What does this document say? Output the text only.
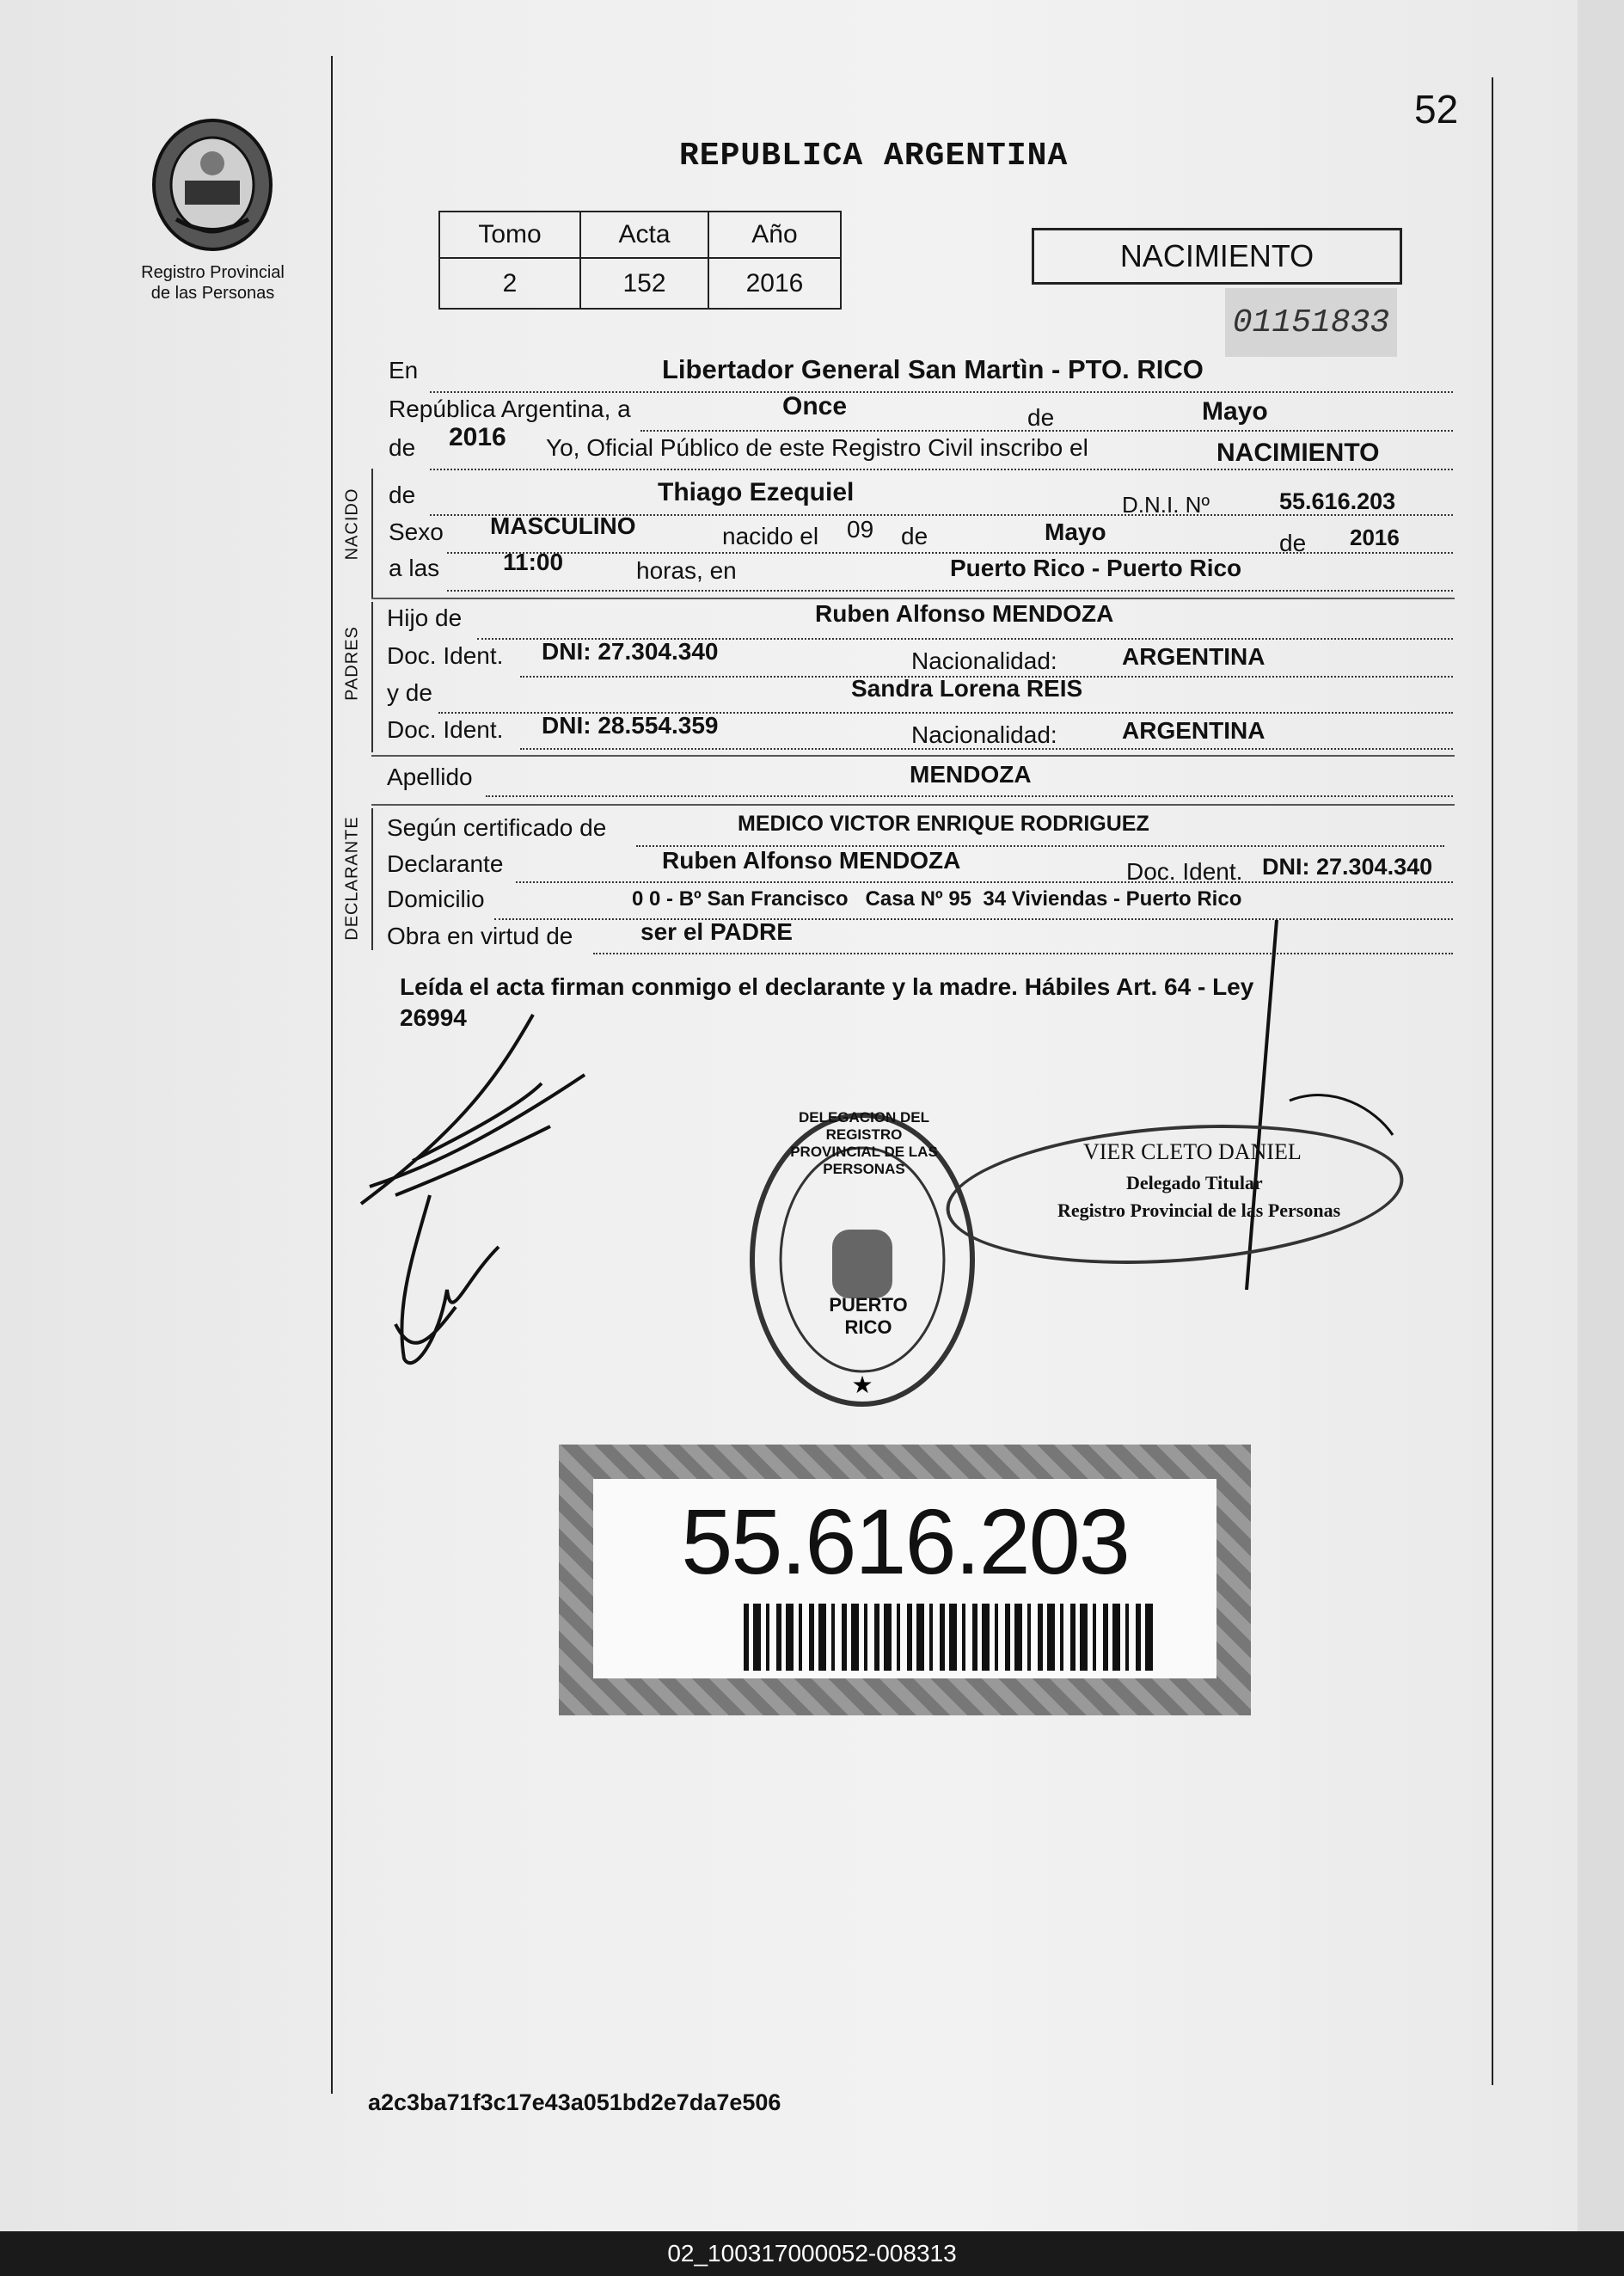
52
Registro Provincial
de las Personas
REPUBLICA ARGENTINA
Tomo	Acta	Año
2	152	2016
NACIMIENTO
01151833
En	Libertador General San Martìn - PTO. RICO
República Argentina, a	Once	de	Mayo
de 2016 Yo, Oficial Público de este Registro Civil inscribo el	NACIMIENTO
NACIDO de	Thiago Ezequiel	D.N.I. Nº	55.616.203
Sexo MASCULINO	nacido el 09 de	Mayo	de 2016
a las	11:00	horas, en	Puerto Rico - Puerto Rico
PADRES
Hijo de	Ruben Alfonso MENDOZA
Doc. Ident. DNI: 27.304.340	Nacionalidad:	ARGENTINA
y de	Sandra Lorena REIS
Doc. Ident. DNI: 28.554.359	Nacionalidad:	ARGENTINA
Apellido	MENDOZA
DECLARANTE Según certificado de	MEDICO VICTOR ENRIQUE RODRIGUEZ
Declarante	Ruben Alfonso MENDOZA	Doc. Ident. DNI: 27.304.340
Domicilio	0 0 - Bº San Francisco   Casa Nº 95  34 Viviendas - Puerto Rico
Obra en virtud de	ser el PADRE
Leída el acta firman conmigo el declarante y la madre. Hábiles Art. 64 - Ley
26994
★
DELEGACION DEL REGISTRO PROVINCIAL DE LAS PERSONAS
PUERTO RICO
VIER CLETO DANIEL
Delegado Titular
Registro Provincial de las Personas
55.616.203
a2c3ba71f3c17e43a051bd2e7da7e506
02_100317000052-008313
